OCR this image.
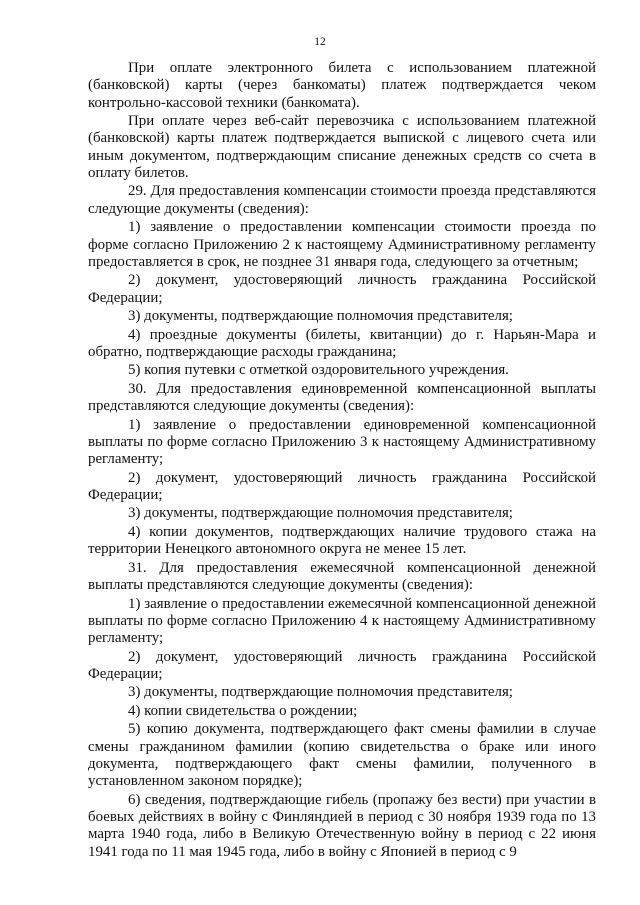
12

При оплате электронного билета с использованием платежной (банковской) карты (через банкоматы) платеж подтверждается чеком контрольно-кассовой техники (банкомата).

При оплате через веб-сайт перевозчика с использованием платежной (банковской) карты платеж подтверждается выпиской с лицевого счета или иным документом, подтверждающим списание денежных средств со счета в оплату билетов.

29. Для предоставления компенсации стоимости проезда представляются следующие документы (сведения):

1) заявление о предоставлении компенсации стоимости проезда по форме согласно Приложению 2 к настоящему Административному регламенту предоставляется в срок, не позднее 31 января года, следующего за отчетным;

2) документ, удостоверяющий личность гражданина Российской Федерации;

3) документы, подтверждающие полномочия представителя;

4) проездные документы (билеты, квитанции) до г. Нарьян-Мара и обратно, подтверждающие расходы гражданина;

5) копия путевки с отметкой оздоровительного учреждения.

30. Для предоставления единовременной компенсационной выплаты представляются следующие документы (сведения):

1) заявление о предоставлении единовременной компенсационной выплаты по форме согласно Приложению 3 к настоящему Административному регламенту;

2) документ, удостоверяющий личность гражданина Российской Федерации;

3) документы, подтверждающие полномочия представителя;

4) копии документов, подтверждающих наличие трудового стажа на территории Ненецкого автономного округа не менее 15 лет.

31. Для предоставления ежемесячной компенсационной денежной выплаты представляются следующие документы (сведения):

1) заявление о предоставлении ежемесячной компенсационной денежной выплаты по форме согласно Приложению 4 к настоящему Административному регламенту;

2) документ, удостоверяющий личность гражданина Российской Федерации;

3) документы, подтверждающие полномочия представителя;

4) копии свидетельства о рождении;

5) копию документа, подтверждающего факт смены фамилии в случае смены гражданином фамилии (копию свидетельства о браке или иного документа, подтверждающего факт смены фамилии, полученного в установленном законом порядке);

6) сведения, подтверждающие гибель (пропажу без вести) при участии в боевых действиях в войну с Финляндией в период с 30 ноября 1939 года по 13 марта 1940 года, либо в Великую Отечественную войну в период с 22 июня 1941 года по 11 мая 1945 года, либо в войну с Японией в период с 9
